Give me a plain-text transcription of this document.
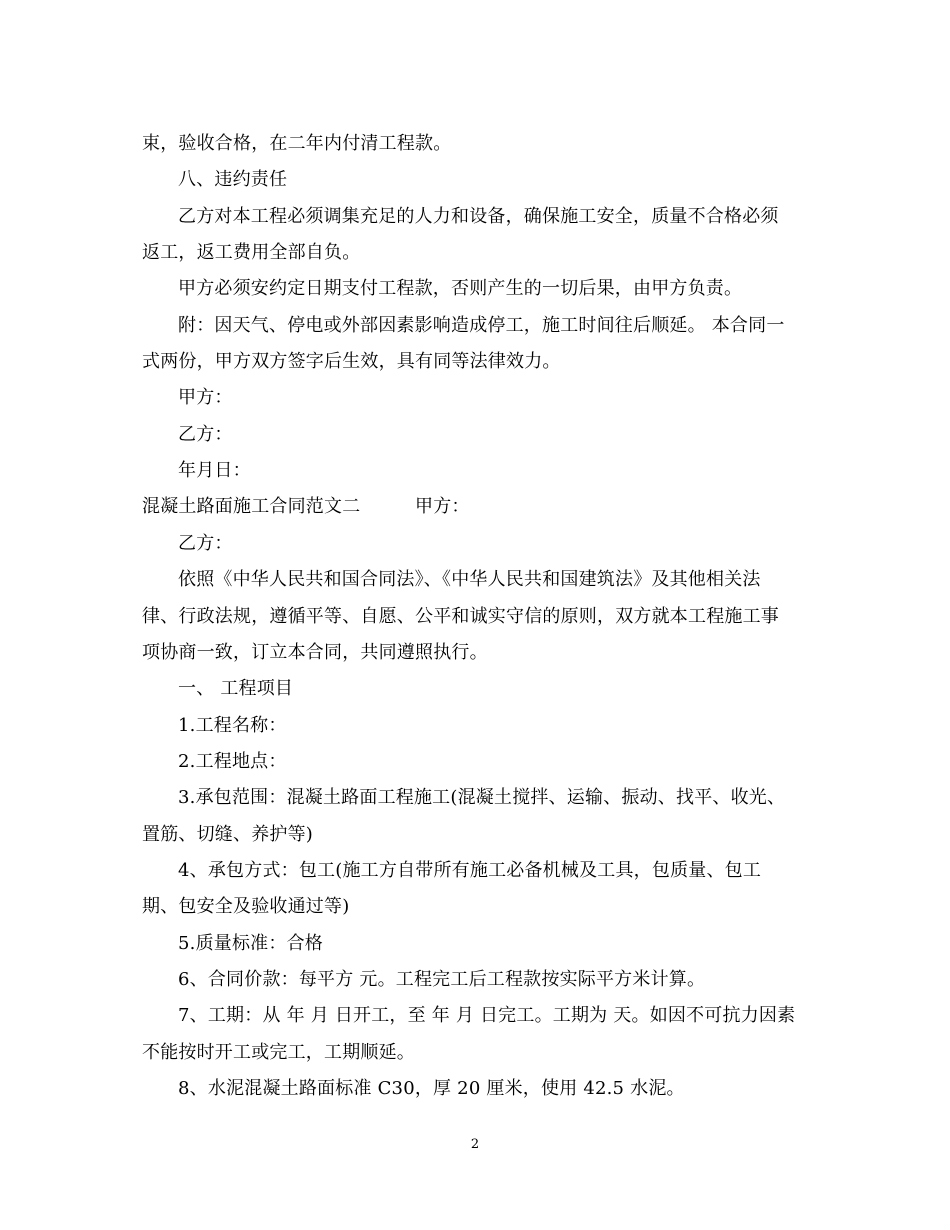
束，验收合格，在二年内付清工程款。
八、违约责任
乙方对本工程必须调集充足的人力和设备，确保施工安全，质量不合格必须
返工，返工费用全部自负。
甲方必须安约定日期支付工程款，否则产生的一切后果，由甲方负责。
附：因天气、停电或外部因素影响造成停工，施工时间往后顺延。 本合同一
式两份，甲方双方签字后生效，具有同等法律效力。
甲方：
乙方：
年月日：
混凝土路面施工合同范文二　　　甲方：
乙方：
依照《中华人民共和国合同法》、《中华人民共和国建筑法》及其他相关法
律、行政法规，遵循平等、自愿、公平和诚实守信的原则，双方就本工程施工事
项协商一致，订立本合同，共同遵照执行。
一、 工程项目
1.工程名称：
2.工程地点：
3.承包范围：混凝土路面工程施工(混凝土搅拌、运输、振动、找平、收光、
置筋、切缝、养护等)
4、承包方式：包工(施工方自带所有施工必备机械及工具，包质量、包工
期、包安全及验收通过等)
5.质量标准：合格
6、合同价款：每平方 元。工程完工后工程款按实际平方米计算。
7、工期：从 年 月 日开工，至 年 月 日完工。工期为 天。如因不可抗力因素
不能按时开工或完工，工期顺延。
8、水泥混凝土路面标准 C30，厚 20 厘米，使用 42.5 水泥。
2
